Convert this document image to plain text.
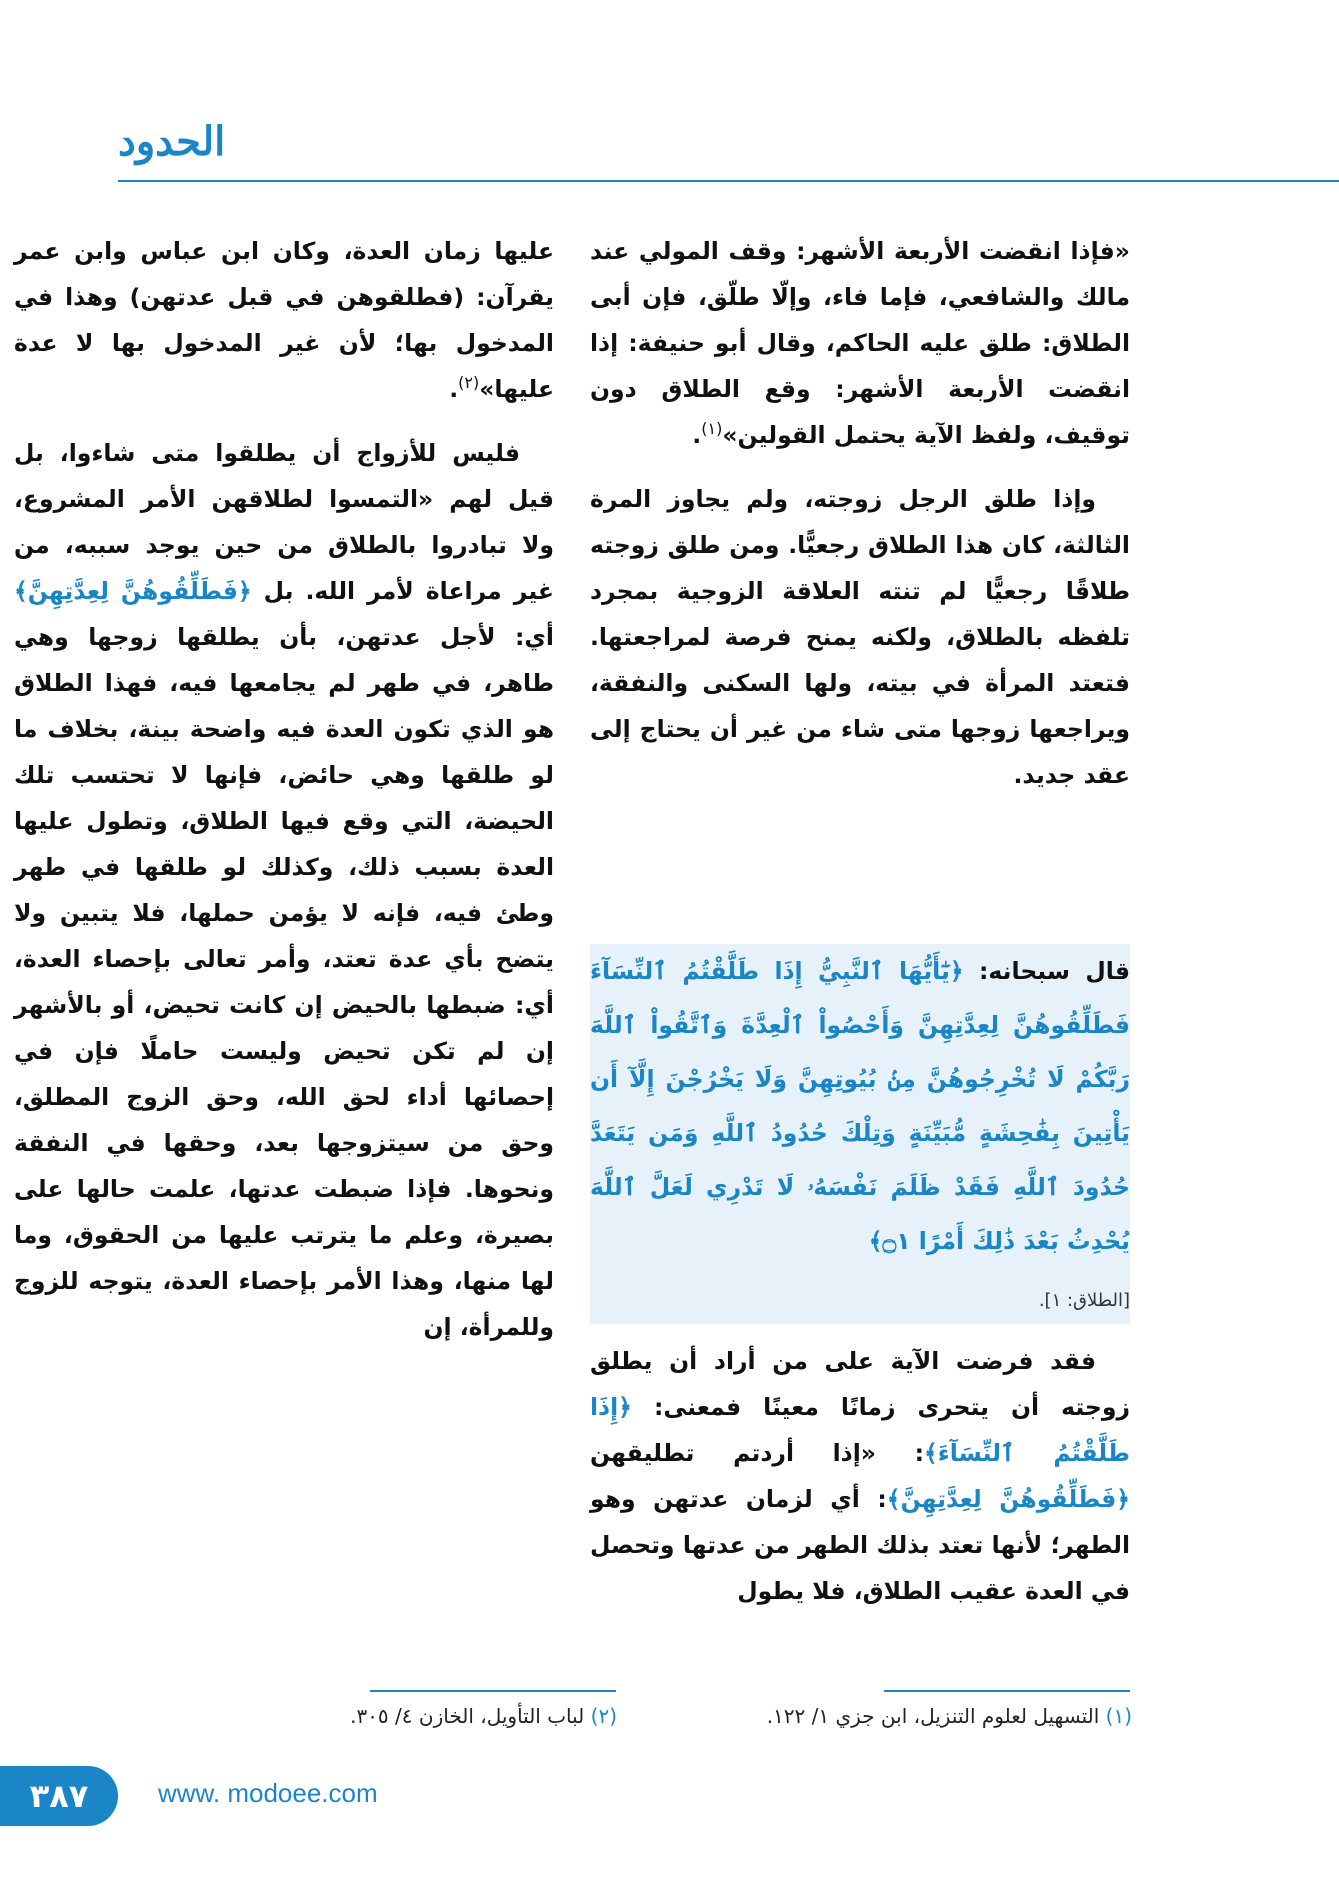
الحدود

«فإذا انقضت الأربعة الأشهر: وقف المولي عند مالك والشافعي، فإما فاء، وإلّا طلّق، فإن أبى الطلاق: طلق عليه الحاكم، وقال أبو حنيفة: إذا انقضت الأربعة الأشهر: وقع الطلاق دون توقيف، ولفظ الآية يحتمل القولين»$^{(١)}$.

وإذا طلق الرجل زوجته، ولم يجاوز المرة الثالثة، كان هذا الطلاق رجعيًّا. ومن طلق زوجته طلاقًا رجعيًّا لم تنته العلاقة الزوجية بمجرد تلفظه بالطلاق، ولكنه يمنح فرصة لمراجعتها. فتعتد المرأة في بيته، ولها السكنى والنفقة، ويراجعها زوجها متى شاء من غير أن يحتاج إلى عقد جديد.

قال سبحانه: ﴿يَٰٓأَيُّهَا ٱلنَّبِيُّ إِذَا طَلَّقْتُمُ ٱلنِّسَآءَ فَطَلِّقُوهُنَّ لِعِدَّتِهِنَّ وَأَحْصُواْ ٱلْعِدَّةَ وَٱتَّقُواْ ٱللَّهَ رَبَّكُمْ لَا تُخْرِجُوهُنَّ مِنۢ بُيُوتِهِنَّ وَلَا يَخْرُجْنَ إِلَّآ أَن يَأْتِينَ بِفَٰحِشَةٍ مُّبَيِّنَةٍ وَتِلْكَ حُدُودُ ٱللَّهِ وَمَن يَتَعَدَّ حُدُودَ ٱللَّهِ فَقَدْ ظَلَمَ نَفْسَهُۥ لَا تَدْرِي لَعَلَّ ٱللَّهَ يُحْدِثُ بَعْدَ ذَٰلِكَ أَمْرًا ۝١﴾
[الطلاق: ١].
فقد فرضت الآية على من أراد أن يطلق زوجته أن يتحرى زمانًا معينًا فمعنى: ﴿إِذَا طَلَّقْتُمُ ٱلنِّسَآءَ﴾: «إذا أردتم تطليقهن ﴿فَطَلِّقُوهُنَّ لِعِدَّتِهِنَّ﴾: أي لزمان عدتهن وهو الطهر؛ لأنها تعتد بذلك الطهر من عدتها وتحصل في العدة عقيب الطلاق، فلا يطول

عليها زمان العدة، وكان ابن عباس وابن عمر يقرآن: (فطلقوهن في قبل عدتهن) وهذا في المدخول بها؛ لأن غير المدخول بها لا عدة عليها»$^{(٢)}$.

فليس للأزواج أن يطلقوا متى شاءوا، بل قيل لهم «التمسوا لطلاقهن الأمر المشروع، ولا تبادروا بالطلاق من حين يوجد سببه، من غير مراعاة لأمر الله. بل ﴿فَطَلِّقُوهُنَّ لِعِدَّتِهِنَّ﴾ أي: لأجل عدتهن، بأن يطلقها زوجها وهي طاهر، في طهر لم يجامعها فيه، فهذا الطلاق هو الذي تكون العدة فيه واضحة بينة، بخلاف ما لو طلقها وهي حائض، فإنها لا تحتسب تلك الحيضة، التي وقع فيها الطلاق، وتطول عليها العدة بسبب ذلك، وكذلك لو طلقها في طهر وطئ فيه، فإنه لا يؤمن حملها، فلا يتبين ولا يتضح بأي عدة تعتد، وأمر تعالى بإحصاء العدة، أي: ضبطها بالحيض إن كانت تحيض، أو بالأشهر إن لم تكن تحيض وليست حاملًا فإن في إحصائها أداء لحق الله، وحق الزوج المطلق، وحق من سيتزوجها بعد، وحقها في النفقة ونحوها. فإذا ضبطت عدتها، علمت حالها على بصيرة، وعلم ما يترتب عليها من الحقوق، وما لها منها، وهذا الأمر بإحصاء العدة، يتوجه للزوج وللمرأة، إن

(١) التسهيل لعلوم التنزيل، ابن جزي ١/ ١٢٢.
(٢) لباب التأويل، الخازن ٤/ ٣٠٥.
٣٨٧	www. modoee.com
